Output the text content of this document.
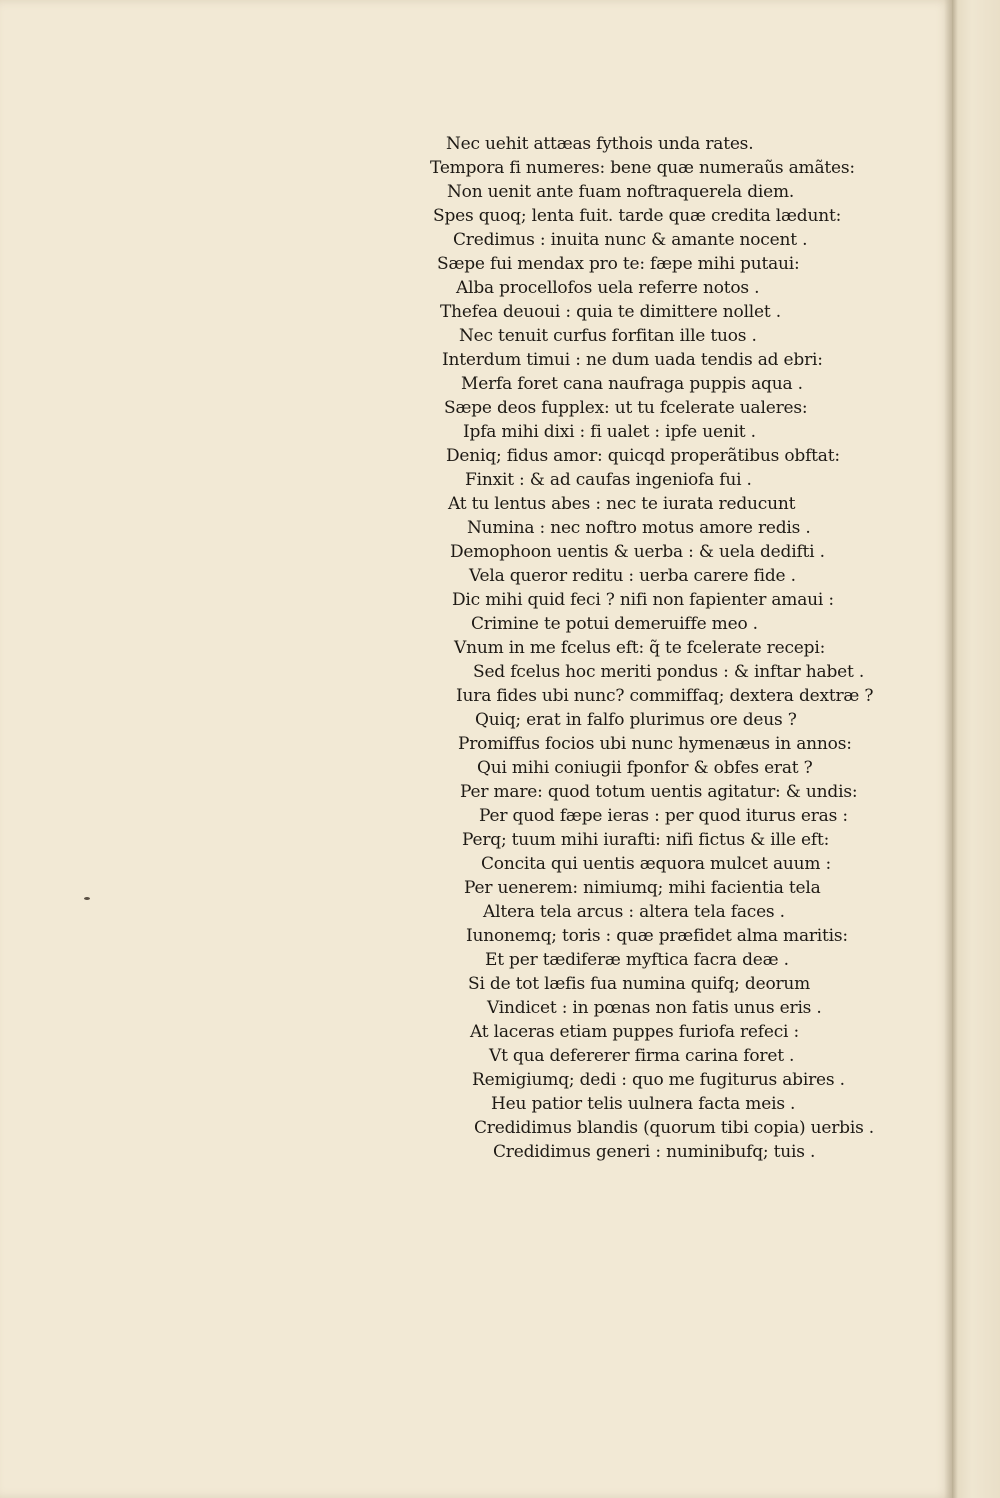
Nec uehit attæas fythois unda rates.
Tempora fi numeres: bene quæ numeraũs amãtes:
Non uenit ante fuam noftraquerela diem.
Spes quoq; lenta fuit. tarde quæ credita lædunt:
Credimus : inuita nunc & amante nocent .
Sæpe fui mendax pro te: fæpe mihi putaui:
Alba procellofos uela referre notos .
Thefea deuoui : quia te dimittere nollet .
Nec tenuit curfus forfitan ille tuos .
Interdum timui : ne dum uada tendis ad ebri:
Merfa foret cana naufraga puppis aqua .
Sæpe deos fupplex: ut tu fcelerate ualeres:
Ipfa mihi dixi : fi ualet : ipfe uenit .
Deniq; fidus amor: quicqd properãtibus obftat:
Finxit : & ad caufas ingeniofa fui .
At tu lentus abes : nec te iurata reducunt
Numina : nec noftro motus amore redis .
Demophoon uentis & uerba : & uela dedifti .
Vela queror reditu : uerba carere fide .
Dic mihi quid feci ? nifi non fapienter amaui :
Crimine te potui demeruiffe meo .
Vnum in me fcelus eft: q̃ te fcelerate recepi:
Sed fcelus hoc meriti pondus : & inftar habet .
Iura fides ubi nunc? commiffaq; dextera dextræ ?
Quiq; erat in falfo plurimus ore deus ?
Promiffus focios ubi nunc hymenæus in annos:
Qui mihi coniugii fponfor & obfes erat ?
Per mare: quod totum uentis agitatur: & undis:
Per quod fæpe ieras : per quod iturus eras :
Perq; tuum mihi iurafti: nifi fictus & ille eft:
Concita qui uentis æquora mulcet auum :
Per uenerem: nimiumq; mihi facientia tela
Altera tela arcus : altera tela faces .
Iunonemq; toris : quæ præfidet alma maritis:
Et per tædiferæ myftica facra deæ .
Si de tot læfis fua numina quifq; deorum
Vindicet : in pœnas non fatis unus eris .
At laceras etiam puppes furiofa refeci :
Vt qua defererer firma carina foret .
Remigiumq; dedi : quo me fugiturus abires .
Heu patior telis uulnera facta meis .
Credidimus blandis (quorum tibi copia) uerbis .
Credidimus generi : numinibufq; tuis .
